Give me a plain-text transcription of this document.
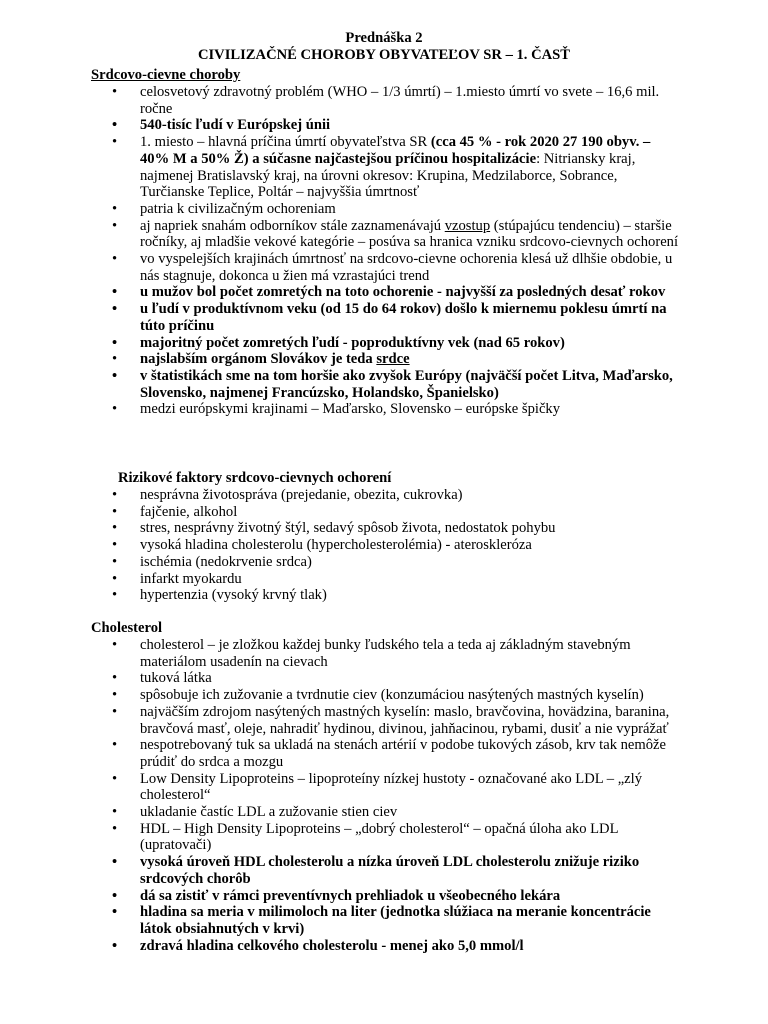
Prednáška 2
CIVILIZAČNÉ CHOROBY OBYVATEĽOV SR – 1. ČASŤ
Srdcovo-cievne choroby
• celosvetový zdravotný problém (WHO – 1/3 úmrtí) – 1.miesto úmrtí vo svete – 16,6 mil. ročne
• 540-tisíc ľudí v Európskej únii
• 1. miesto – hlavná príčina úmrtí obyvateľstva SR (cca 45 % - rok 2020 27 190 obyv. – 40% M a 50% Ž) a súčasne najčastejšou príčinou hospitalizácie: Nitriansky kraj, najmenej Bratislavský kraj, na úrovni okresov: Krupina, Medzilaborce, Sobrance, Turčianske Teplice, Poltár – najvyššia úmrtnosť
• patria k civilizačným ochoreniam
• aj napriek snahám odborníkov stále zaznamenávajú vzostup (stúpajúcu tendenciu) – staršie ročníky, aj mladšie vekové kategórie – posúva sa hranica vzniku srdcovo-cievnych ochorení
• vo vyspelejších krajinách úmrtnosť na srdcovo-cievne ochorenia klesá už dlhšie obdobie, u nás stagnuje, dokonca u žien má vzrastajúci trend
• u mužov bol počet zomretých na toto ochorenie - najvyšší za posledných desať rokov
• u ľudí v produktívnom veku (od 15 do 64 rokov) došlo k miernemu poklesu úmrtí na túto príčinu
• majoritný počet zomretých ľudí - poproduktívny vek (nad 65 rokov)
• najslabším orgánom Slovákov je teda srdce
• v štatistikách sme na tom horšie ako zvyšok Európy (najväčší počet Litva, Maďarsko, Slovensko, najmenej Francúzsko, Holandsko, Španielsko)
• medzi európskymi krajinami – Maďarsko, Slovensko – európske špičky
Rizikové faktory srdcovo-cievnych ochorení
• nesprávna životospráva (prejedanie, obezita, cukrovka)
• fajčenie, alkohol
• stres, nesprávny životný štýl, sedavý spôsob života, nedostatok pohybu
• vysoká hladina cholesterolu (hypercholesterolémia) - ateroskleróza
• ischémia (nedokrvenie srdca)
• infarkt myokardu
• hypertenzia (vysoký krvný tlak)
Cholesterol
• cholesterol – je zložkou každej bunky ľudského tela a teda aj základným stavebným materiálom usadenín na cievach
• tuková látka
• spôsobuje ich zužovanie a tvrdnutie ciev (konzumáciou nasýtených mastných kyselín)
• najväčším zdrojom nasýtených mastných kyselín: maslo, bravčovina, hovädzina, baranina, bravčová masť, oleje, nahradiť hydinou, divinou, jahňacinou, rybami, dusiť a nie vyprážať
• nespotrebovaný tuk sa ukladá na stenách artérií v podobe tukových zásob, krv tak nemôže prúdiť do srdca a mozgu
• Low Density Lipoproteins – lipoproteíny nízkej hustoty - označované ako LDL – „zlý cholesterol“
• ukladanie častíc LDL a zužovanie stien ciev
• HDL – High Density Lipoproteins – „dobrý cholesterol“ – opačná úloha ako LDL (upratovači)
• vysoká úroveň HDL cholesterolu a nízka úroveň LDL cholesterolu znižuje riziko srdcových chorôb
• dá sa zistiť v rámci preventívnych prehliadok u všeobecného lekára
• hladina sa meria v milimoloch na liter (jednotka slúžiaca na meranie koncentrácie látok obsiahnutých v krvi)
• zdravá hladina celkového cholesterolu - menej ako 5,0 mmol/l
